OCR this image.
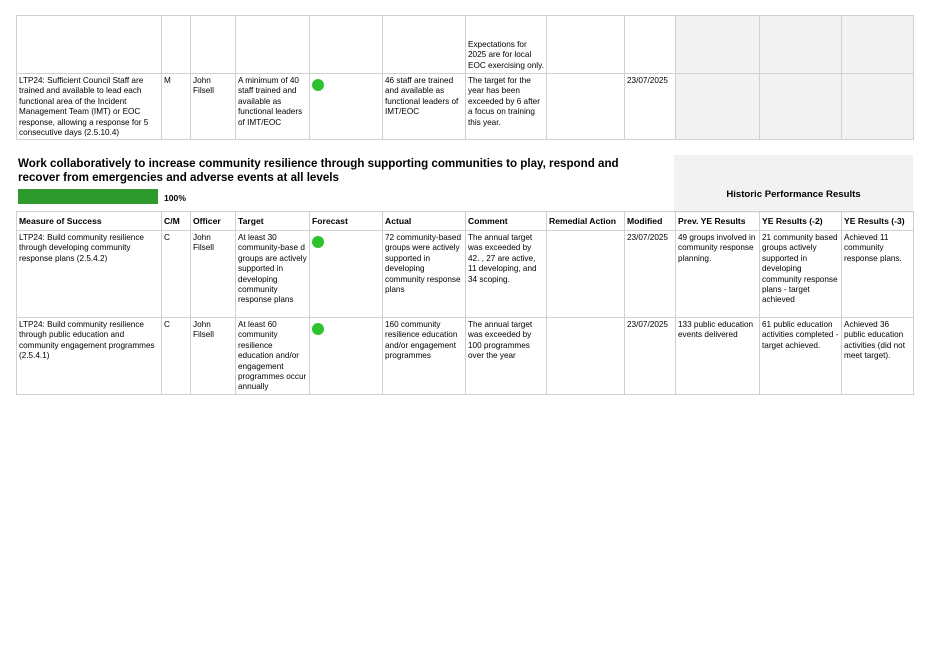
						Expectations for 2025 are for local EOC exercising only.					
LTP24: Sufficient Council Staff are trained and available to lead each functional area of the Incident Management Team (IMT) or EOC response, allowing a response for 5 consecutive days (2.5.10.4)	M	John Filsell	A minimum of 40 staff trained and available as functional leaders of IMT/EOC		46 staff are trained and available as functional leaders of IMT/EOC	The target for the year has been exceeded by 6 after a focus on training this year.		23/07/2025			
Historic Performance Results
Work collaboratively to increase community resilience through supporting communities to play, respond and recover from emergencies and adverse events at all levels
100%
Measure of Success	C/M	Officer	Target	Forecast	Actual	Comment	Remedial Action	Modified	Prev. YE Results	YE Results (-2)	YE Results (-3)
LTP24: Build community resilience through developing community response plans (2.5.4.2)	C	John Filsell	At least 30 community-base d groups are actively supported in developing community response plans		72 community-based groups were actively supported in developing community response plans	The annual target was exceeded by 42. , 27 are active, 11 developing, and 34 scoping.		23/07/2025	49 groups involved in community response planning.	21 community based groups actively supported in developing community response plans - target achieved	Achieved 11 community response plans.
LTP24: Build community resilience through public education and community engagement programmes (2.5.4.1)	C	John Filsell	At least 60 community resilience education and/or engagement programmes occur annually		160 community resilience education and/or engagement programmes	The annual target was exceeded by 100 programmes over the year		23/07/2025	133 public education events delivered	61 public education activities completed - target achieved.	Achieved 36 public education activities (did not meet target).
